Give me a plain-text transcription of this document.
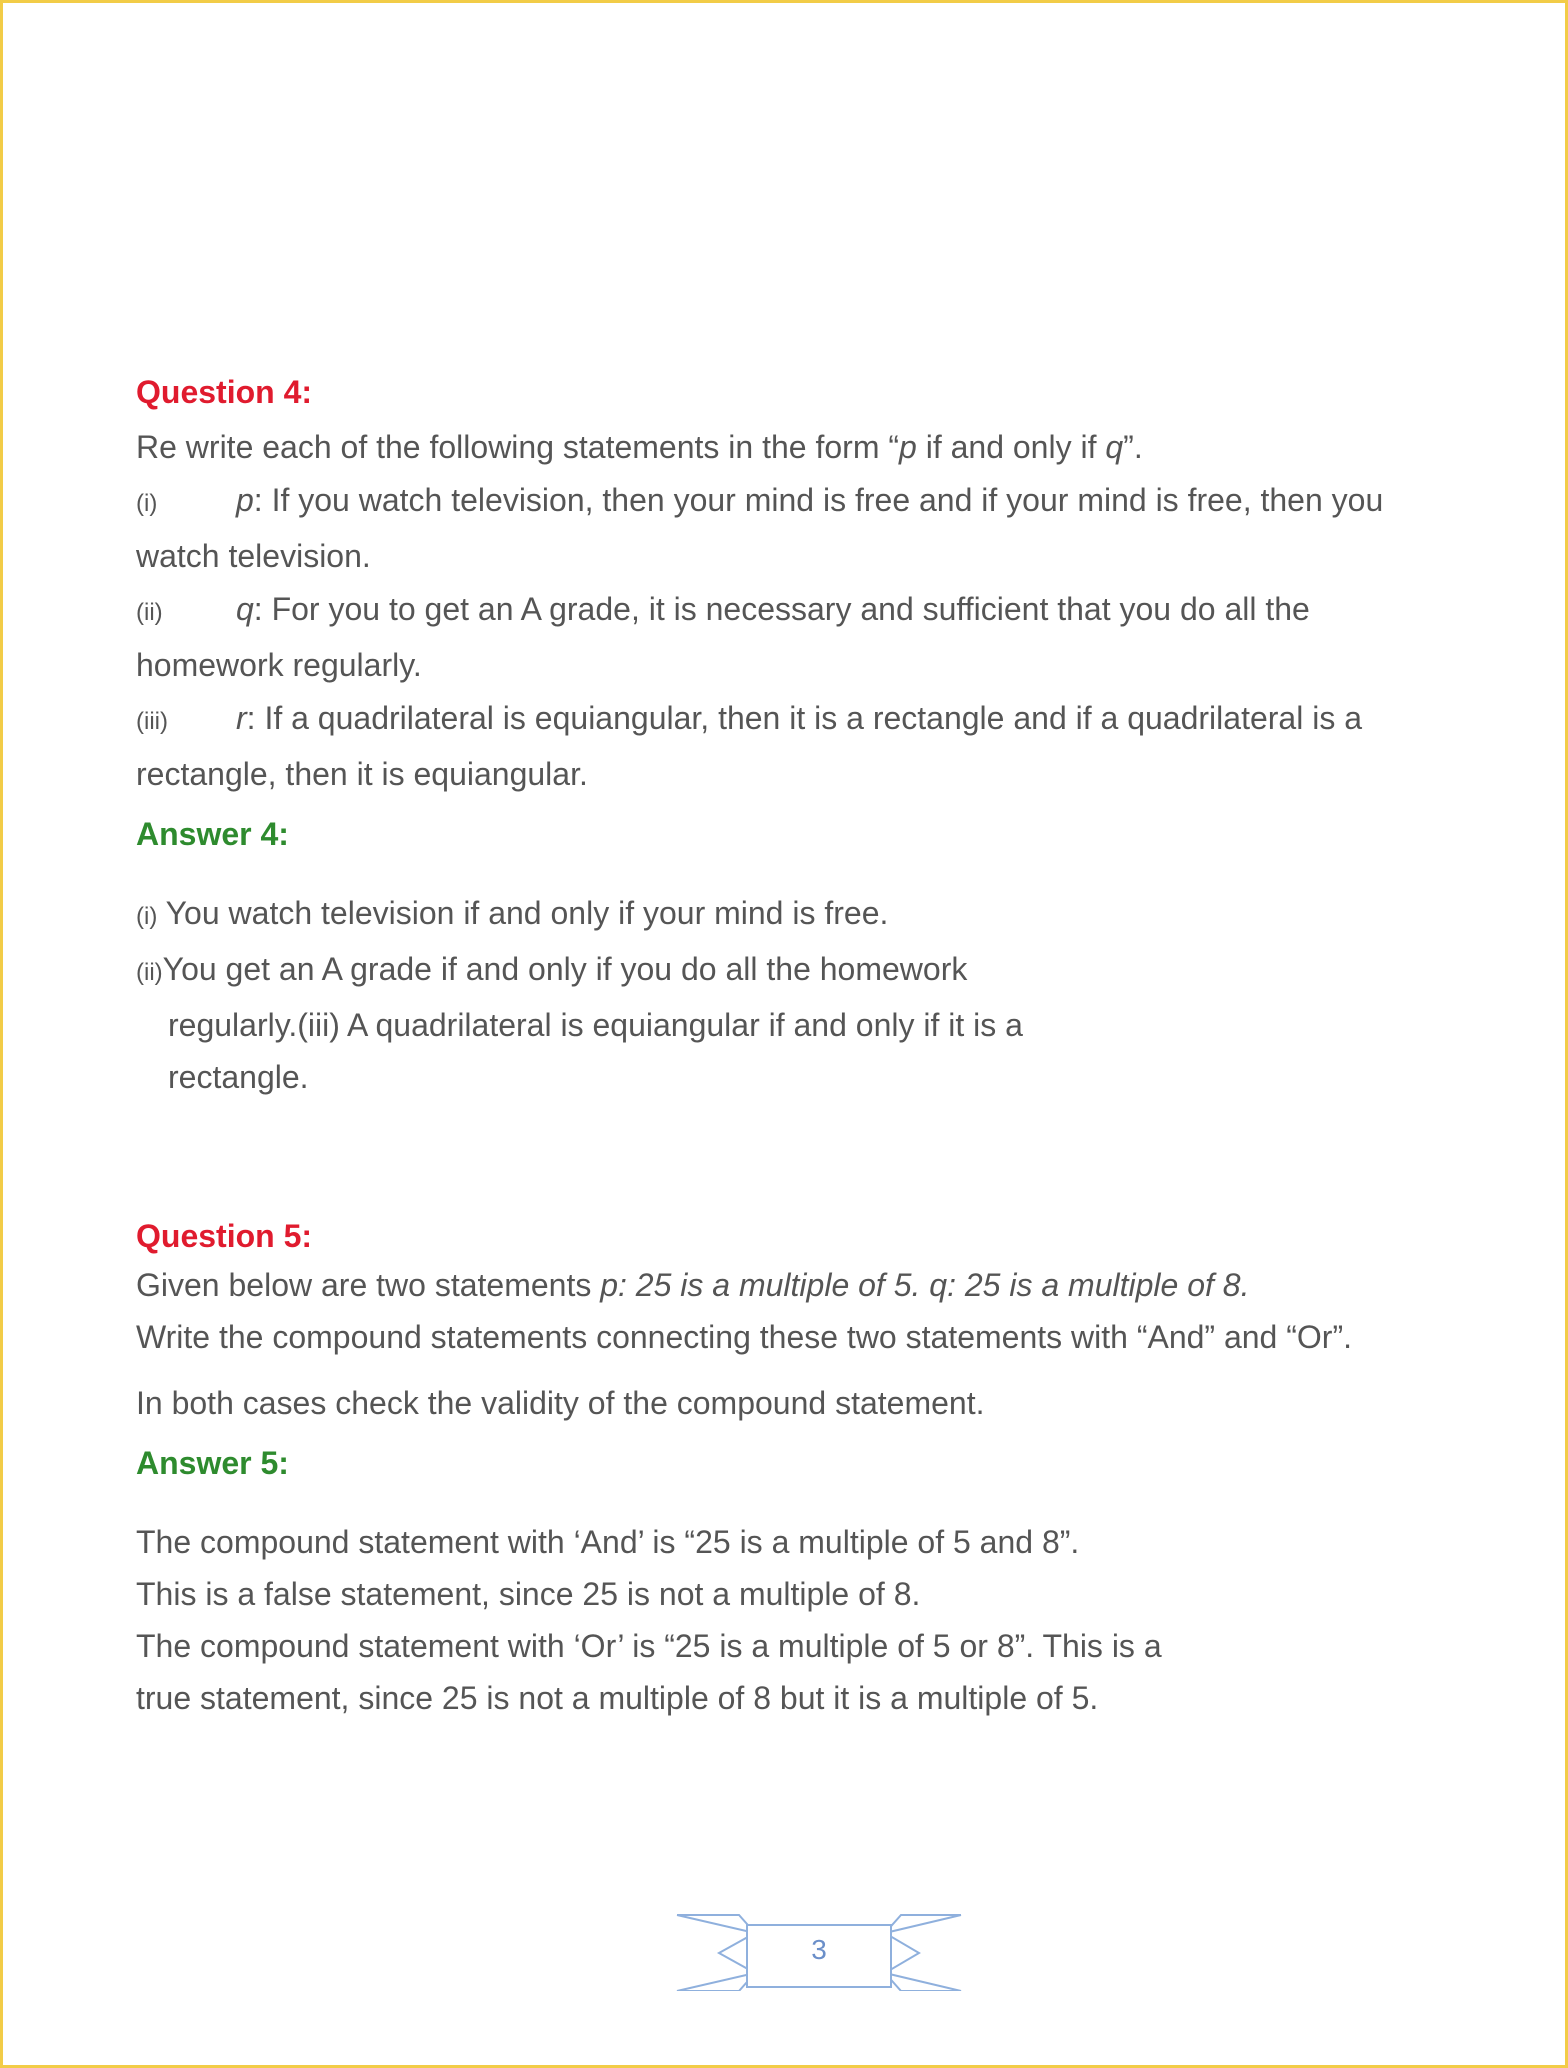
Question 4:

Re write each of the following statements in the form “p if and only if q”.

(i) p: If you watch television, then your mind is free and if your mind is free, then you

watch television.

(ii) q: For you to get an A grade, it is necessary and sufficient that you do all the

homework regularly.

(iii) r: If a quadrilateral is equiangular, then it is a rectangle and if a quadrilateral is a

rectangle, then it is equiangular.

Answer 4:

(i) You watch television if and only if your mind is free.
(ii)You get an A grade if and only if you do all the homework
regularly.(iii) A quadrilateral is equiangular if and only if it is a
rectangle.

Question 5:

Given below are two statements p: 25 is a multiple of 5. q: 25 is a multiple of 8.

Write the compound statements connecting these two statements with “And” and “Or”.

In both cases check the validity of the compound statement.

Answer 5:

The compound statement with ‘And’ is “25 is a multiple of 5 and 8”.
This is a false statement, since 25 is not a multiple of 8.
The compound statement with ‘Or’ is “25 is a multiple of 5 or 8”. This is a
true statement, since 25 is not a multiple of 8 but it is a multiple of 5.
3
